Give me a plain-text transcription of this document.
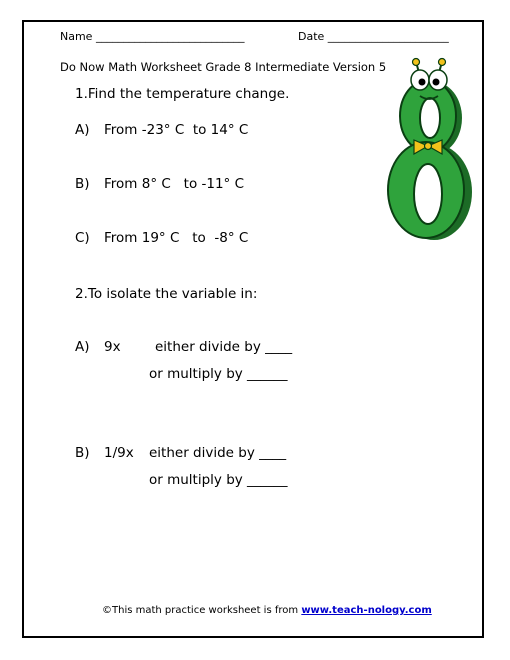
Name ___________________________	Date ______________________
Do Now Math Worksheet Grade 8 Intermediate Version 5
1.Find the temperature change.
A) From -23° C  to 14° C
B) From 8° C   to -11° C
C) From 19° C   to  -8° C
2.To isolate the variable in:
A) 9x	either divide by ____
or multiply by ______
B) 1/9x either divide by ____
or multiply by ______
©This math practice worksheet is from www.teach-nology.com
